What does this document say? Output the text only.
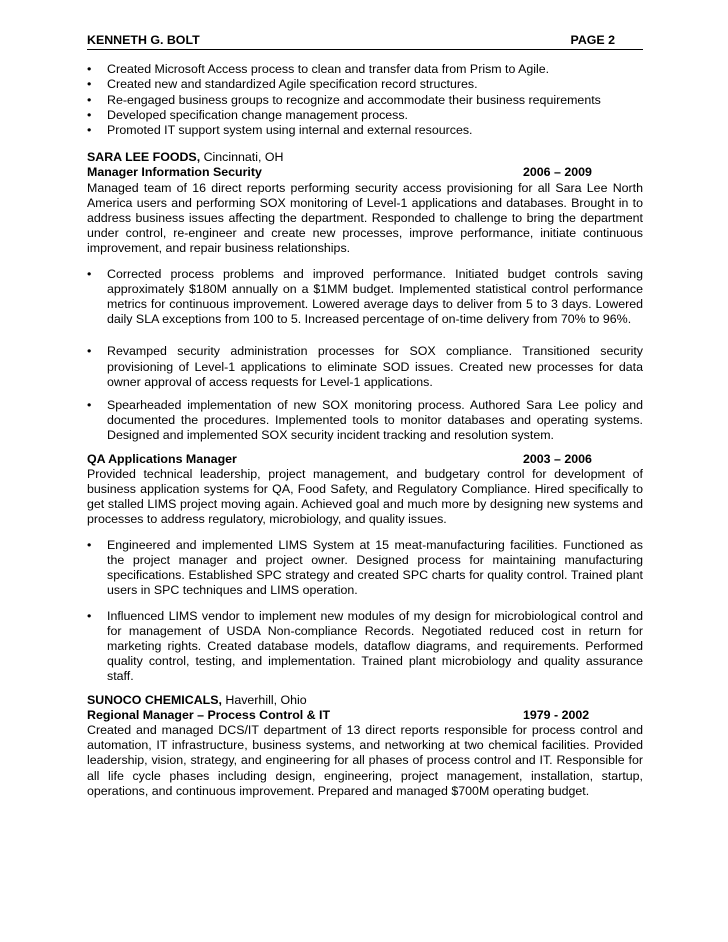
KENNETH G. BOLT	PAGE 2
• Created Microsoft Access process to clean and transfer data from Prism to Agile.
• Created new and standardized Agile specification record structures.
• Re-engaged business groups to recognize and accommodate their business requirements
• Developed specification change management process.
• Promoted IT support system using internal and external resources.
SARA LEE FOODS, Cincinnati, OH
Manager Information Security	2006 – 2009
Managed team of 16 direct reports performing security access provisioning for all Sara Lee North America users and performing SOX monitoring of Level-1 applications and databases. Brought in to address business issues affecting the department. Responded to challenge to bring the department under control, re-engineer and create new processes, improve performance, initiate continuous improvement, and repair business relationships.
• Corrected process problems and improved performance. Initiated budget controls saving approximately $180M annually on a $1MM budget. Implemented statistical control performance metrics for continuous improvement. Lowered average days to deliver from 5 to 3 days. Lowered daily SLA exceptions from 100 to 5. Increased percentage of on-time delivery from 70% to 96%.
• Revamped security administration processes for SOX compliance. Transitioned security provisioning of Level-1 applications to eliminate SOD issues. Created new processes for data owner approval of access requests for Level-1 applications.
• Spearheaded implementation of new SOX monitoring process. Authored Sara Lee policy and documented the procedures. Implemented tools to monitor databases and operating systems. Designed and implemented SOX security incident tracking and resolution system.
QA Applications Manager	2003 – 2006
Provided technical leadership, project management, and budgetary control for development of business application systems for QA, Food Safety, and Regulatory Compliance. Hired specifically to get stalled LIMS project moving again. Achieved goal and much more by designing new systems and processes to address regulatory, microbiology, and quality issues.
• Engineered and implemented LIMS System at 15 meat-manufacturing facilities. Functioned as the project manager and project owner. Designed process for maintaining manufacturing specifications. Established SPC strategy and created SPC charts for quality control. Trained plant users in SPC techniques and LIMS operation.
• Influenced LIMS vendor to implement new modules of my design for microbiological control and for management of USDA Non-compliance Records. Negotiated reduced cost in return for marketing rights. Created database models, dataflow diagrams, and requirements. Performed quality control, testing, and implementation. Trained plant microbiology and quality assurance staff.
SUNOCO CHEMICALS, Haverhill, Ohio
Regional Manager – Process Control & IT	1979 - 2002
Created and managed DCS/IT department of 13 direct reports responsible for process control and automation, IT infrastructure, business systems, and networking at two chemical facilities. Provided leadership, vision, strategy, and engineering for all phases of process control and IT. Responsible for all life cycle phases including design, engineering, project management, installation, startup, operations, and continuous improvement. Prepared and managed $700M operating budget.
